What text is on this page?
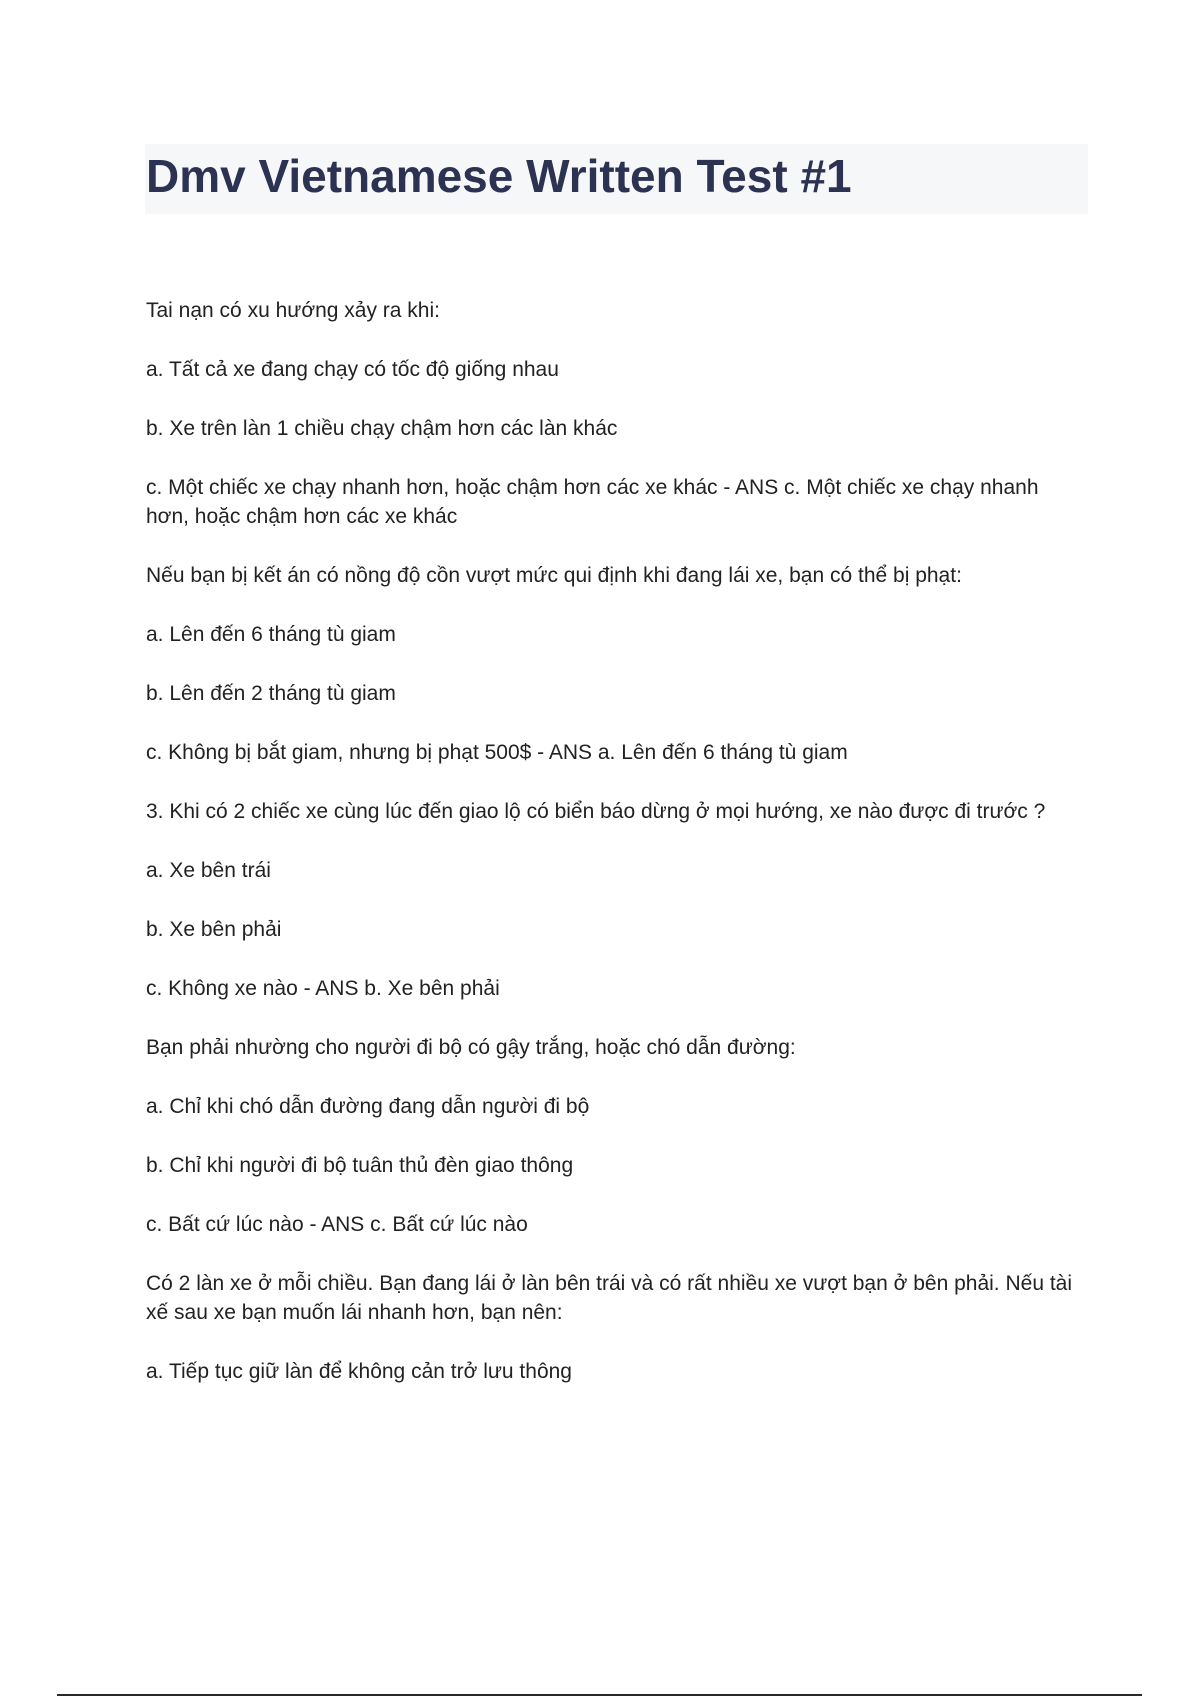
Dmv Vietnamese Written Test #1

Tai nạn có xu hướng xảy ra khi:

a. Tất cả xe đang chạy có tốc độ giống nhau

b. Xe trên làn 1 chiều chạy chậm hơn các làn khác

c. Một chiếc xe chạy nhanh hơn, hoặc chậm hơn các xe khác - ANS c. Một chiếc xe chạy nhanh hơn, hoặc chậm hơn các xe khác

Nếu bạn bị kết án có nồng độ cồn vượt mức qui định khi đang lái xe, bạn có thể bị phạt:

a. Lên đến 6 tháng tù giam

b. Lên đến 2 tháng tù giam

c. Không bị bắt giam, nhưng bị phạt 500$ - ANS a. Lên đến 6 tháng tù giam

3. Khi có 2 chiếc xe cùng lúc đến giao lộ có biển báo dừng ở mọi hướng, xe nào được đi trước ?

a. Xe bên trái

b. Xe bên phải

c. Không xe nào - ANS b. Xe bên phải

Bạn phải nhường cho người đi bộ có gậy trắng, hoặc chó dẫn đường:

a. Chỉ khi chó dẫn đường đang dẫn người đi bộ

b. Chỉ khi người đi bộ tuân thủ đèn giao thông

c. Bất cứ lúc nào - ANS c. Bất cứ lúc nào

Có 2 làn xe ở mỗi chiều. Bạn đang lái ở làn bên trái và có rất nhiều xe vượt bạn ở bên phải. Nếu tài xế sau xe bạn muốn lái nhanh hơn, bạn nên:

a. Tiếp tục giữ làn để không cản trở lưu thông
